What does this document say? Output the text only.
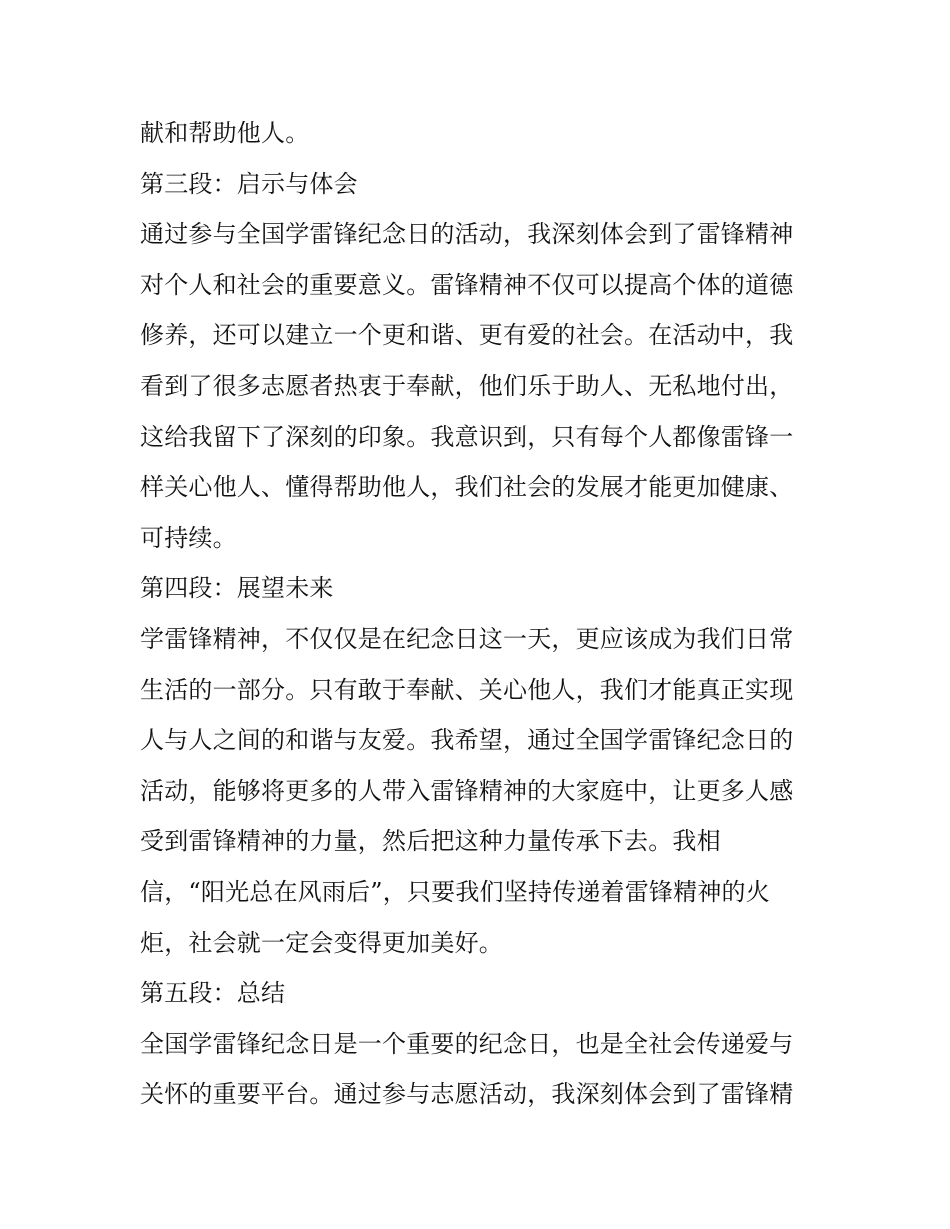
献和帮助他人。
第三段：启示与体会
通过参与全国学雷锋纪念日的活动，我深刻体会到了雷锋精神
对个人和社会的重要意义。雷锋精神不仅可以提高个体的道德
修养，还可以建立一个更和谐、更有爱的社会。在活动中，我
看到了很多志愿者热衷于奉献，他们乐于助人、无私地付出，
这给我留下了深刻的印象。我意识到，只有每个人都像雷锋一
样关心他人、懂得帮助他人，我们社会的发展才能更加健康、
可持续。
第四段：展望未来
学雷锋精神，不仅仅是在纪念日这一天，更应该成为我们日常
生活的一部分。只有敢于奉献、关心他人，我们才能真正实现
人与人之间的和谐与友爱。我希望，通过全国学雷锋纪念日的
活动，能够将更多的人带入雷锋精神的大家庭中，让更多人感
受到雷锋精神的力量，然后把这种力量传承下去。我相
信，“阳光总在风雨后”，只要我们坚持传递着雷锋精神的火
炬，社会就一定会变得更加美好。
第五段：总结
全国学雷锋纪念日是一个重要的纪念日，也是全社会传递爱与
关怀的重要平台。通过参与志愿活动，我深刻体会到了雷锋精
